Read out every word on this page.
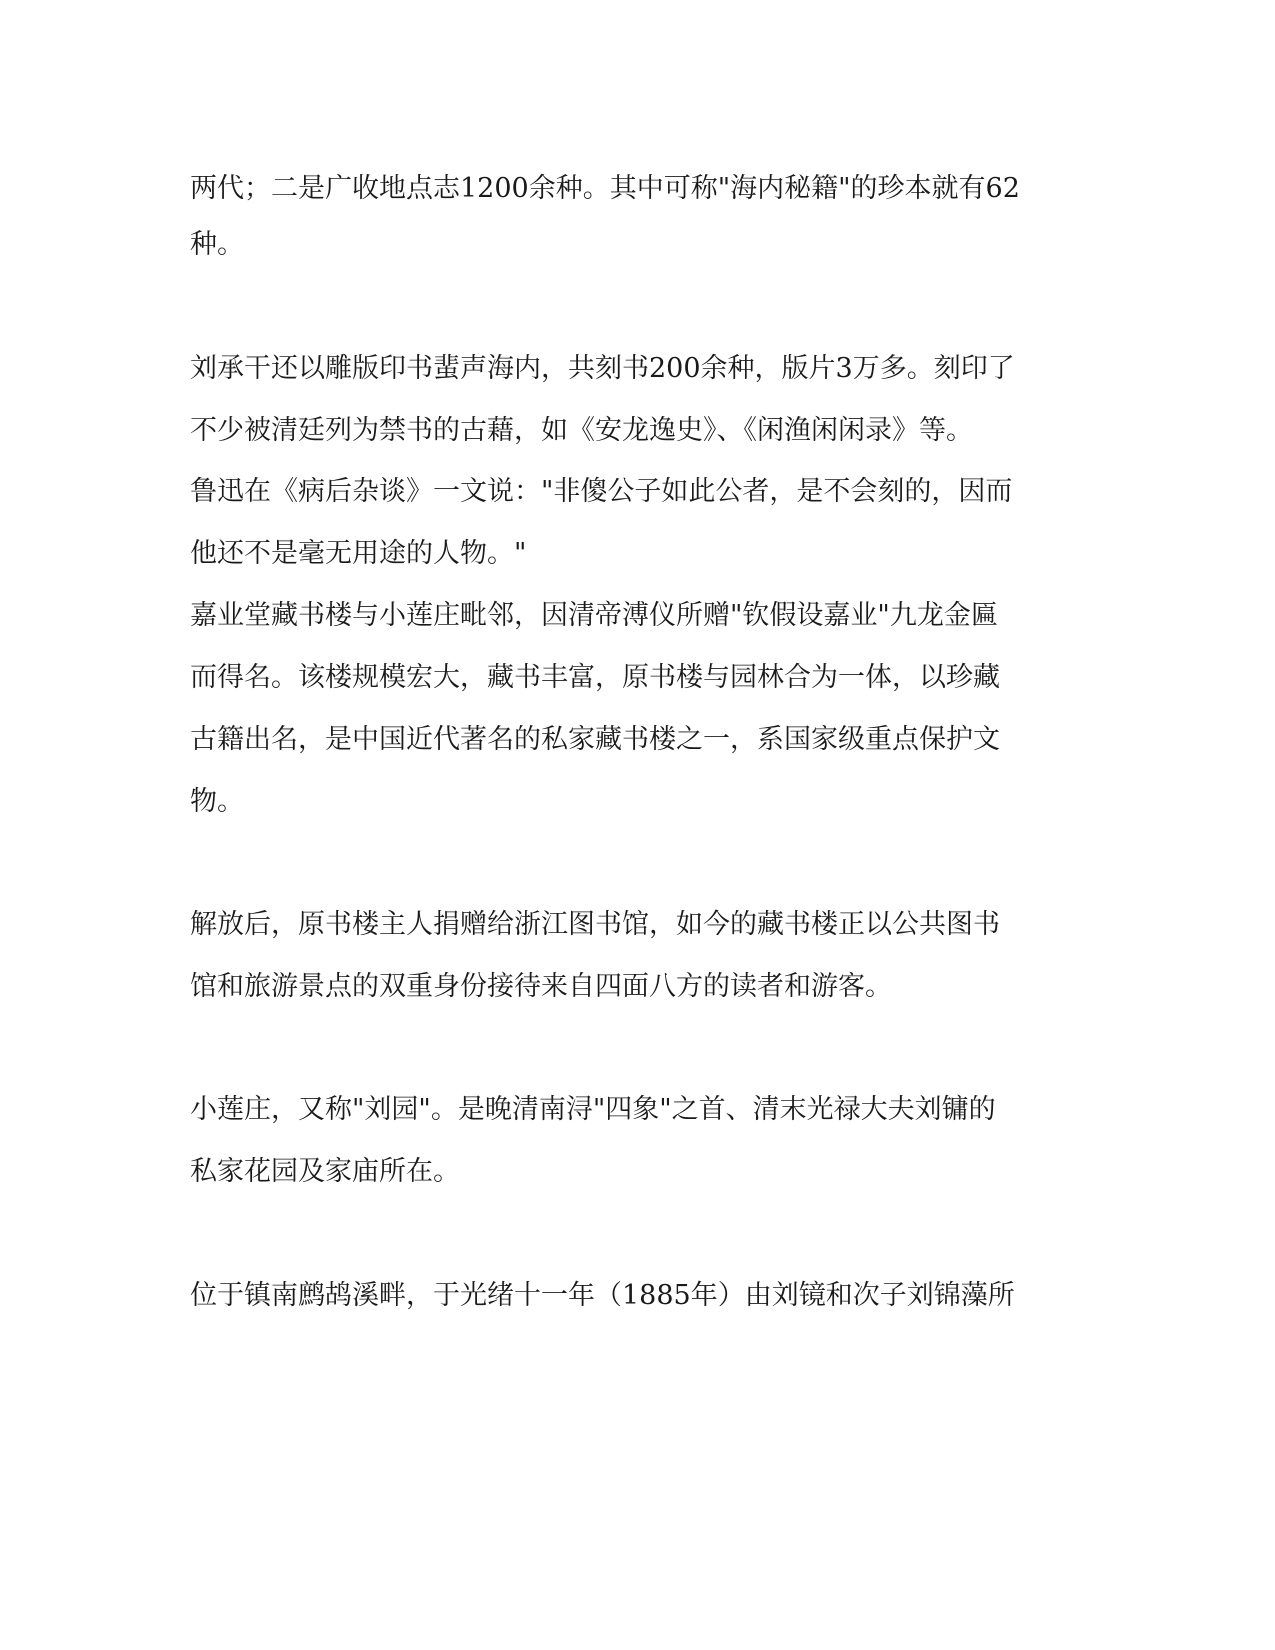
两代；二是广收地点志1200余种。其中可称"海内秘籍"的珍本就有62
种。
刘承干还以雕版印书蜚声海内，共刻书200余种，版片3万多。刻印了
不少被清廷列为禁书的古藉，如《安龙逸史》、《闲渔闲闲录》等。
鲁迅在《病后杂谈》一文说："非傻公子如此公者，是不会刻的，因而
他还不是毫无用途的人物。"
嘉业堂藏书楼与小莲庄毗邻，因清帝溥仪所赠"钦假设嘉业"九龙金匾
而得名。该楼规模宏大，藏书丰富，原书楼与园林合为一体，以珍藏
古籍出名，是中国近代著名的私家藏书楼之一，系国家级重点保护文
物。
解放后，原书楼主人捐赠给浙江图书馆，如今的藏书楼正以公共图书
馆和旅游景点的双重身份接待来自四面八方的读者和游客。
小莲庄，又称"刘园"。是晚清南浔"四象"之首、清末光禄大夫刘镛的
私家花园及家庙所在。
位于镇南鹧鸪溪畔，于光绪十一年（1885年）由刘镜和次子刘锦藻所
